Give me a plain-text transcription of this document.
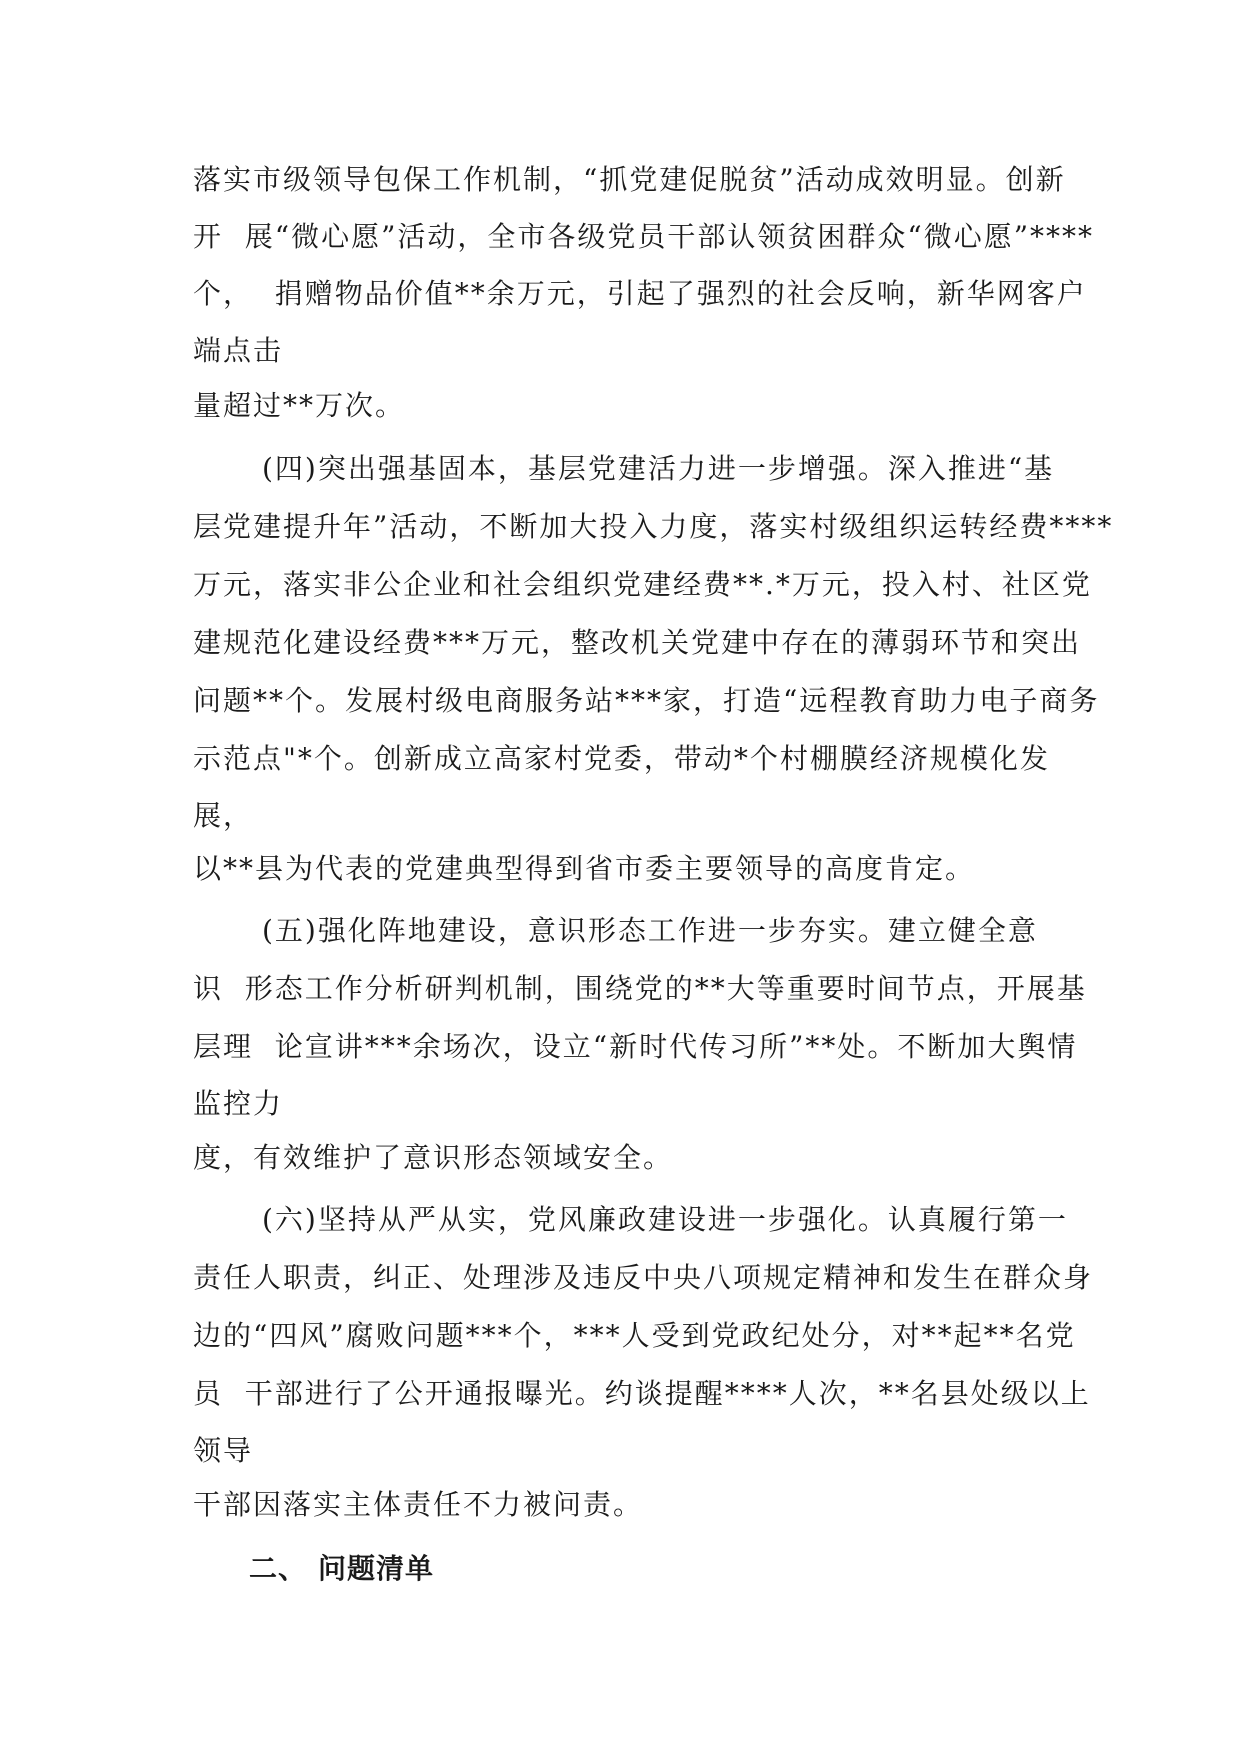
落实市级领导包保工作机制，“抓党建促脱贫”活动成效明显。创新

开  展“微心愿”活动，全市各级党员干部认领贫困群众“微心愿”****

个，  捐赠物品价值**余万元，引起了强烈的社会反响，新华网客户

端点击

量超过**万次。

(四)突出强基固本，基层党建活力进一步增强。深入推进“基

层党建提升年”活动，不断加大投入力度，落实村级组织运转经费****

万元，落实非公企业和社会组织党建经费**.*万元，投入村、社区党

建规范化建设经费***万元，整改机关党建中存在的薄弱环节和突出

问题**个。发展村级电商服务站***家，打造“远程教育助力电子商务

示范点"*个。创新成立高家村党委，带动*个村棚膜经济规模化发

展，

以**县为代表的党建典型得到省市委主要领导的高度肯定。

(五)强化阵地建设，意识形态工作进一步夯实。建立健全意

识  形态工作分析研判机制，围绕党的**大等重要时间节点，开展基

层理  论宣讲***余场次，设立“新时代传习所”**处。不断加大舆情

监控力

度，有效维护了意识形态领域安全。

(六)坚持从严从实，党风廉政建设进一步强化。认真履行第一

责任人职责，纠正、处理涉及违反中央八项规定精神和发生在群众身

边的“四风”腐败问题***个，***人受到党政纪处分，对**起**名党

员  干部进行了公开通报曝光。约谈提醒****人次，**名县处级以上

领导

干部因落实主体责任不力被问责。

二、 问题清单
